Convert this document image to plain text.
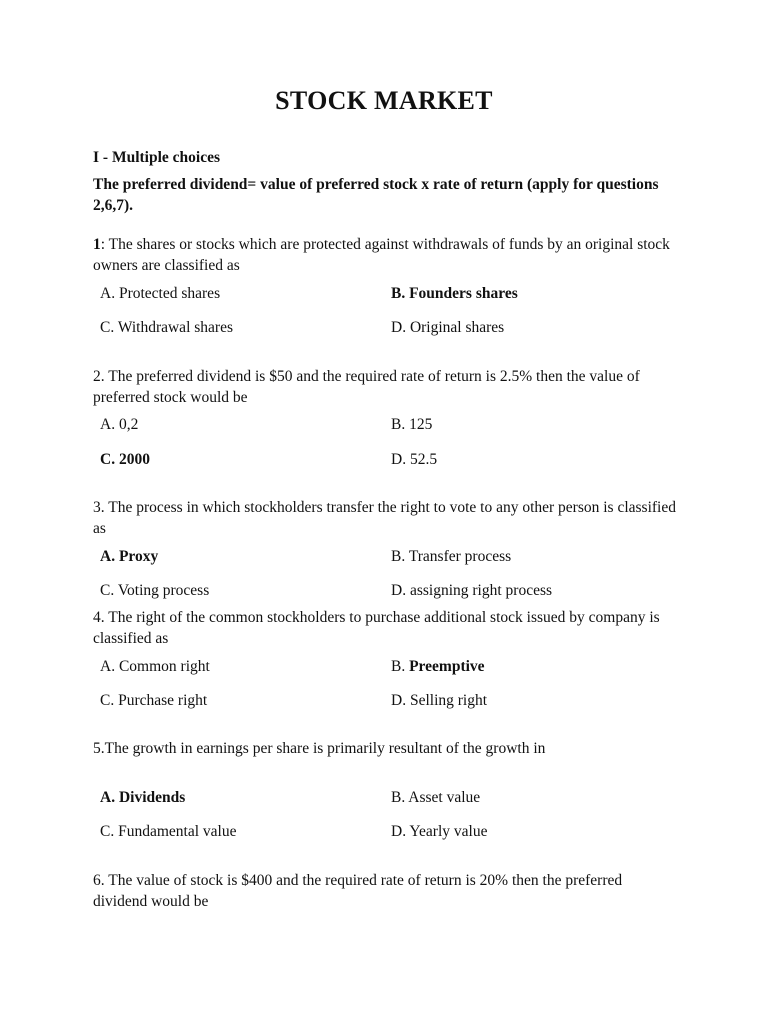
STOCK MARKET
I - Multiple choices
The preferred dividend= value of preferred stock x rate of return (apply for questions 2,6,7).
1: The shares or stocks which are protected against withdrawals of funds by an original stock owners are classified as
A. Protected shares	B. Founders shares
C. Withdrawal shares	D. Original shares
2. The preferred dividend is $50 and the required rate of return is 2.5% then the value of preferred stock would be
A. 0,2	B. 125
C. 2000	D. 52.5
3. The process in which stockholders transfer the right to vote to any other person is classified as
A. Proxy	B. Transfer process
C. Voting process	D. assigning right process
4. The right of the common stockholders to purchase additional stock issued by company is classified as
A. Common right	B. Preemptive
C. Purchase right	D. Selling right
5.The growth in earnings per share is primarily resultant of the growth in
A. Dividends	B. Asset value
C. Fundamental value	D. Yearly value
6. The value of stock is $400 and the required rate of return is 20% then the preferred dividend would be
